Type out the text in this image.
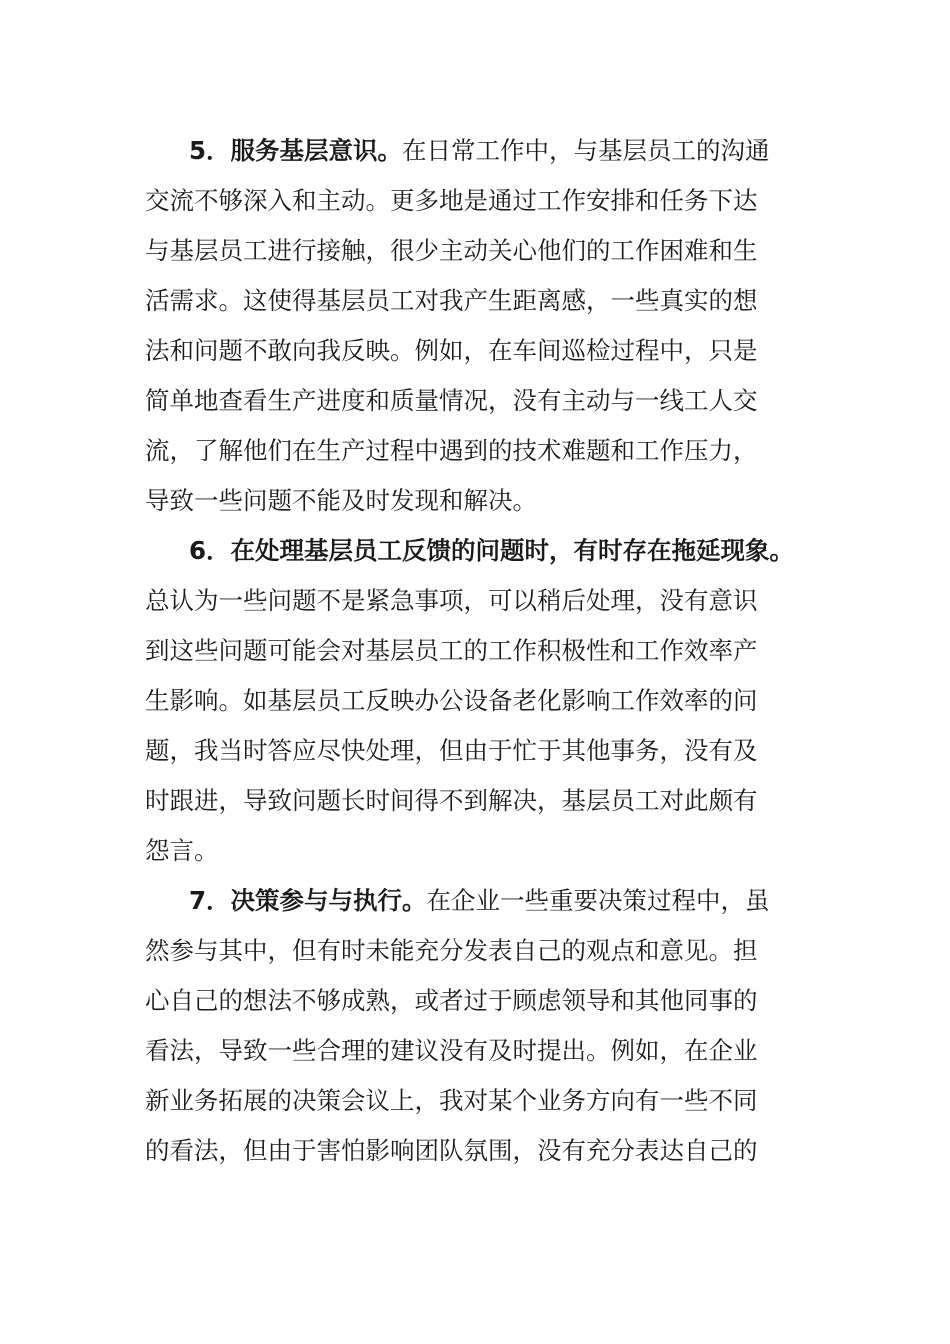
5．服务基层意识。在日常工作中，与基层员工的沟通
交流不够深入和主动。更多地是通过工作安排和任务下达
与基层员工进行接触，很少主动关心他们的工作困难和生
活需求。这使得基层员工对我产生距离感，一些真实的想
法和问题不敢向我反映。例如，在车间巡检过程中，只是
简单地查看生产进度和质量情况，没有主动与一线工人交
流，了解他们在生产过程中遇到的技术难题和工作压力，
导致一些问题不能及时发现和解决。
6．在处理基层员工反馈的问题时，有时存在拖延现象。
总认为一些问题不是紧急事项，可以稍后处理，没有意识
到这些问题可能会对基层员工的工作积极性和工作效率产
生影响。如基层员工反映办公设备老化影响工作效率的问
题，我当时答应尽快处理，但由于忙于其他事务，没有及
时跟进，导致问题长时间得不到解决，基层员工对此颇有
怨言。
7．决策参与与执行。在企业一些重要决策过程中，虽
然参与其中，但有时未能充分发表自己的观点和意见。担
心自己的想法不够成熟，或者过于顾虑领导和其他同事的
看法，导致一些合理的建议没有及时提出。例如，在企业
新业务拓展的决策会议上，我对某个业务方向有一些不同
的看法，但由于害怕影响团队氛围，没有充分表达自己的
